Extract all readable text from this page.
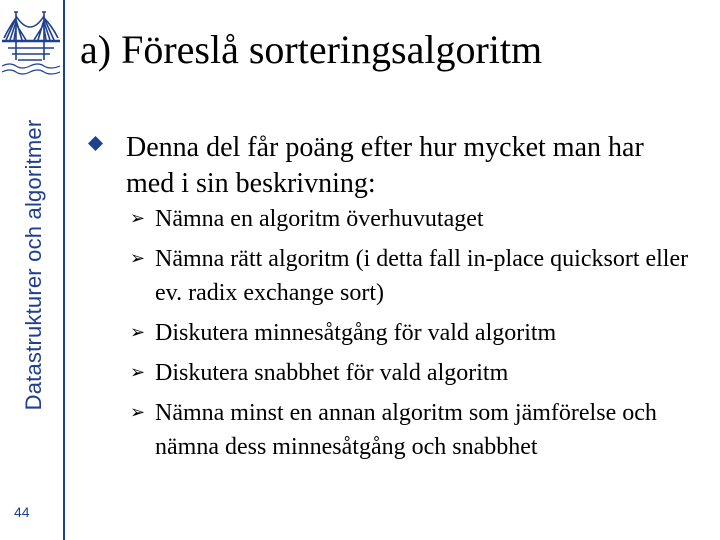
Datastrukturer och algoritmer
44
a) Föreslå sorteringsalgoritm
Denna del får poäng efter hur mycket man har med i sin beskrivning:
➢ Nämna en algoritm överhuvutaget
➢ Nämna rätt algoritm (i detta fall in-place quicksort eller ev. radix exchange sort)
➢ Diskutera minnesåtgång för vald algoritm
➢ Diskutera snabbhet för vald algoritm
➢ Nämna minst en annan algoritm som jämförelse och nämna dess minnesåtgång och snabbhet
